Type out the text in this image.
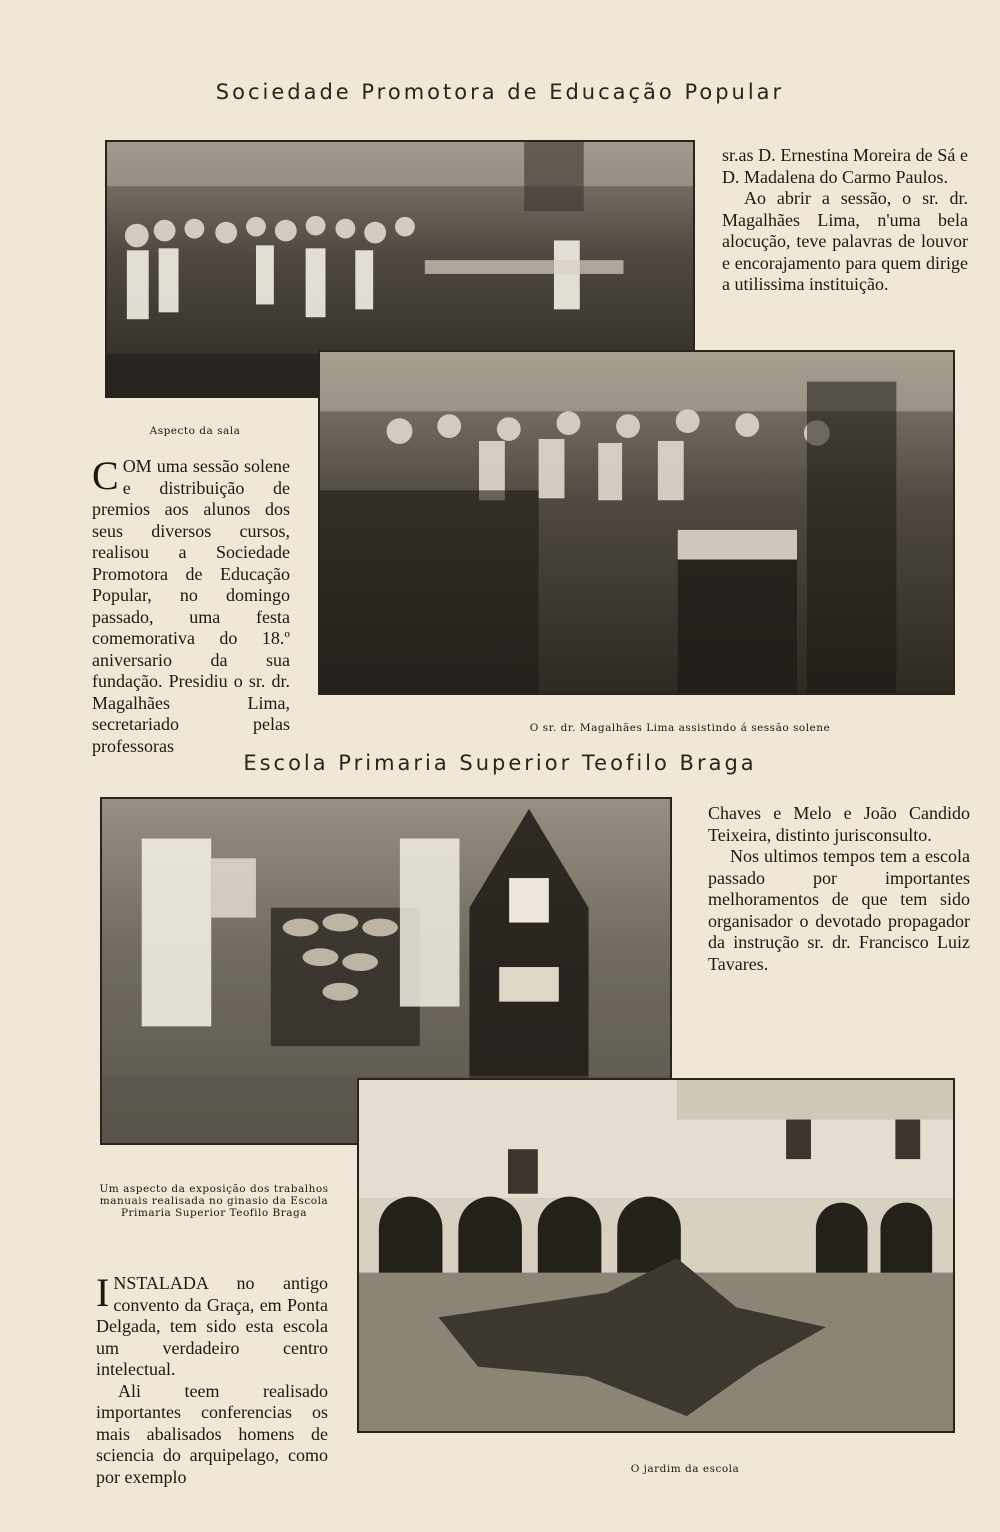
Sociedade Promotora de Educação Popular

sr.as D. Ernestina Moreira de Sá e D. Madalena do Carmo Paulos.

Ao abrir a sessão, o sr. dr. Magalhães Lima, n'uma bela alocução, teve palavras de louvor e encorajamento para quem dirige a utilissima instituição.

Aspecto da sala

COM uma sessão solene e distribuição de premios aos alunos dos seus diversos cursos, realisou a Sociedade Promotora de Educação Popular, no domingo passado, uma festa comemorativa do 18.º aniversario da sua fundação. Presidiu o sr. dr. Magalhães Lima, secretariado pelas professoras

O sr. dr. Magalhães Lima assistindo á sessão solene

Escola Primaria Superior Teofilo Braga

Chaves e Melo e João Candido Teixeira, distinto jurisconsulto.

Nos ultimos tempos tem a escola passado por importantes melhoramentos de que tem sido organisador o devotado propagador da instrução sr. dr. Francisco Luiz Tavares.

Um aspecto da exposição dos trabalhos manuais realisada no ginasio da Escola Primaria Superior Teofilo Braga

INSTALADA no antigo convento da Graça, em Ponta Delgada, tem sido esta escola um verdadeiro centro intelectual.

Ali teem realisado importantes conferencias os mais abalisados homens de sciencia do arquipelago, como por exemplo	O jardim da escola
